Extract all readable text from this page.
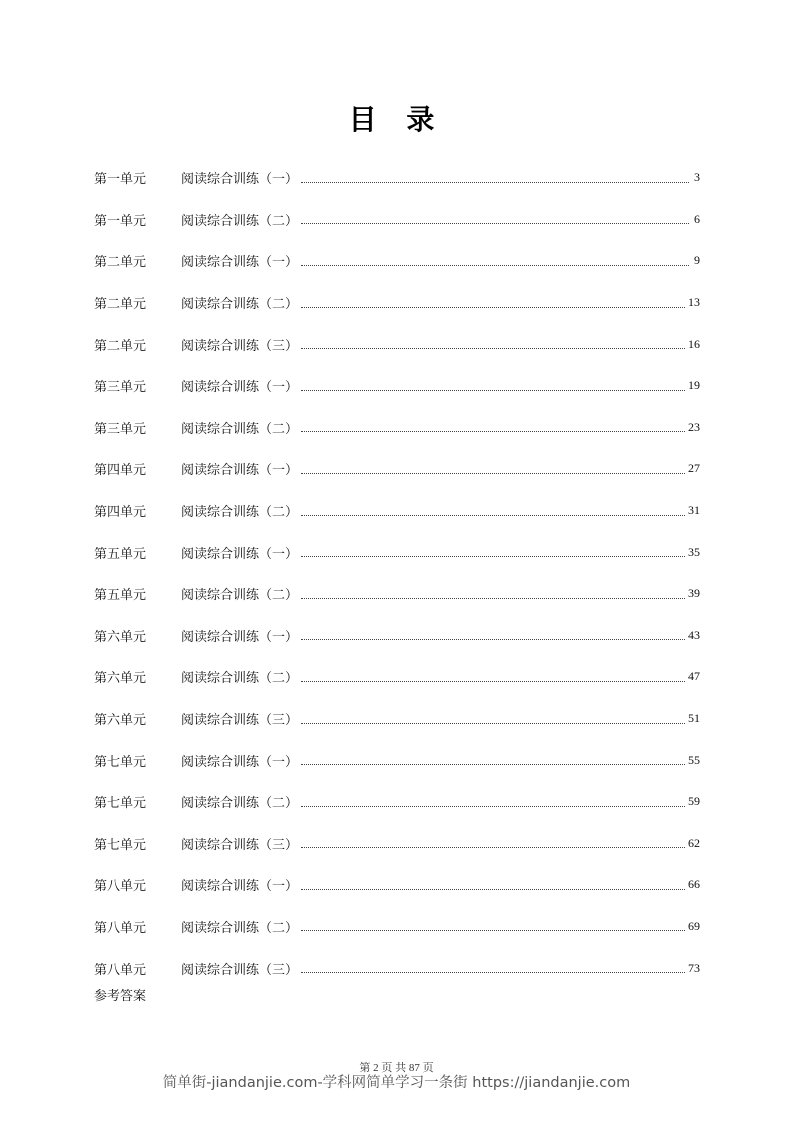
目 录
第一单元	阅读综合训练（一）	3
第一单元	阅读综合训练（二）	6
第二单元	阅读综合训练（一）	9
第二单元	阅读综合训练（二）	13
第二单元	阅读综合训练（三）	16
第三单元	阅读综合训练（一）	19
第三单元	阅读综合训练（二）	23
第四单元	阅读综合训练（一）	27
第四单元	阅读综合训练（二）	31
第五单元	阅读综合训练（一）	35
第五单元	阅读综合训练（二）	39
第六单元	阅读综合训练（一）	43
第六单元	阅读综合训练（二）	47
第六单元	阅读综合训练（三）	51
第七单元	阅读综合训练（一）	55
第七单元	阅读综合训练（二）	59
第七单元	阅读综合训练（三）	62
第八单元	阅读综合训练（一）	66
第八单元	阅读综合训练（二）	69
第八单元	阅读综合训练（三）	73
参考答案
第 2 页 共 87 页
简单街-jiandanjie.com-学科网简单学习一条街 https://jiandanjie.com
